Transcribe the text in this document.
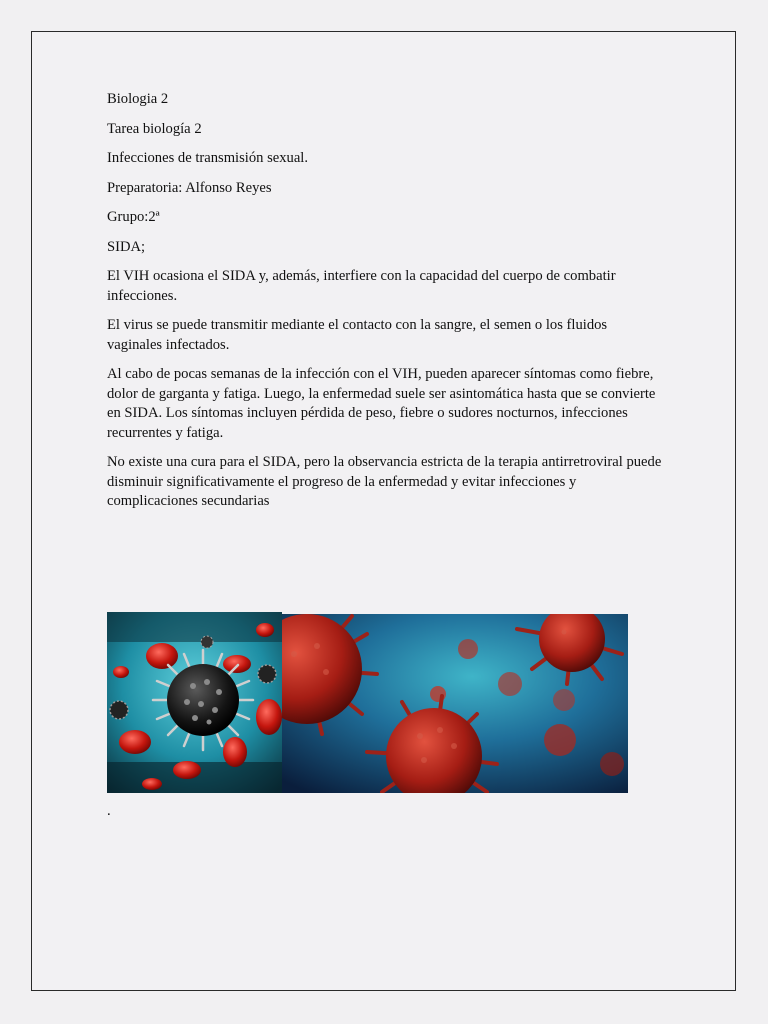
Biologia 2

Tarea biología 2

Infecciones de transmisión sexual.

Preparatoria: Alfonso Reyes

Grupo:2ª

SIDA;

El VIH ocasiona el SIDA y, además, interfiere con la capacidad del cuerpo de combatir infecciones.

El virus se puede transmitir mediante el contacto con la sangre, el semen o los fluidos vaginales infectados.

Al cabo de pocas semanas de la infección con el VIH, pueden aparecer síntomas como fiebre, dolor de garganta y fatiga. Luego, la enfermedad suele ser asintomática hasta que se convierte en SIDA. Los síntomas incluyen pérdida de peso, fiebre o sudores nocturnos, infecciones recurrentes y fatiga.

No existe una cura para el SIDA, pero la observancia estricta de la terapia antirretroviral puede disminuir significativamente el progreso de la enfermedad y evitar infecciones y complicaciones secundarias

.
